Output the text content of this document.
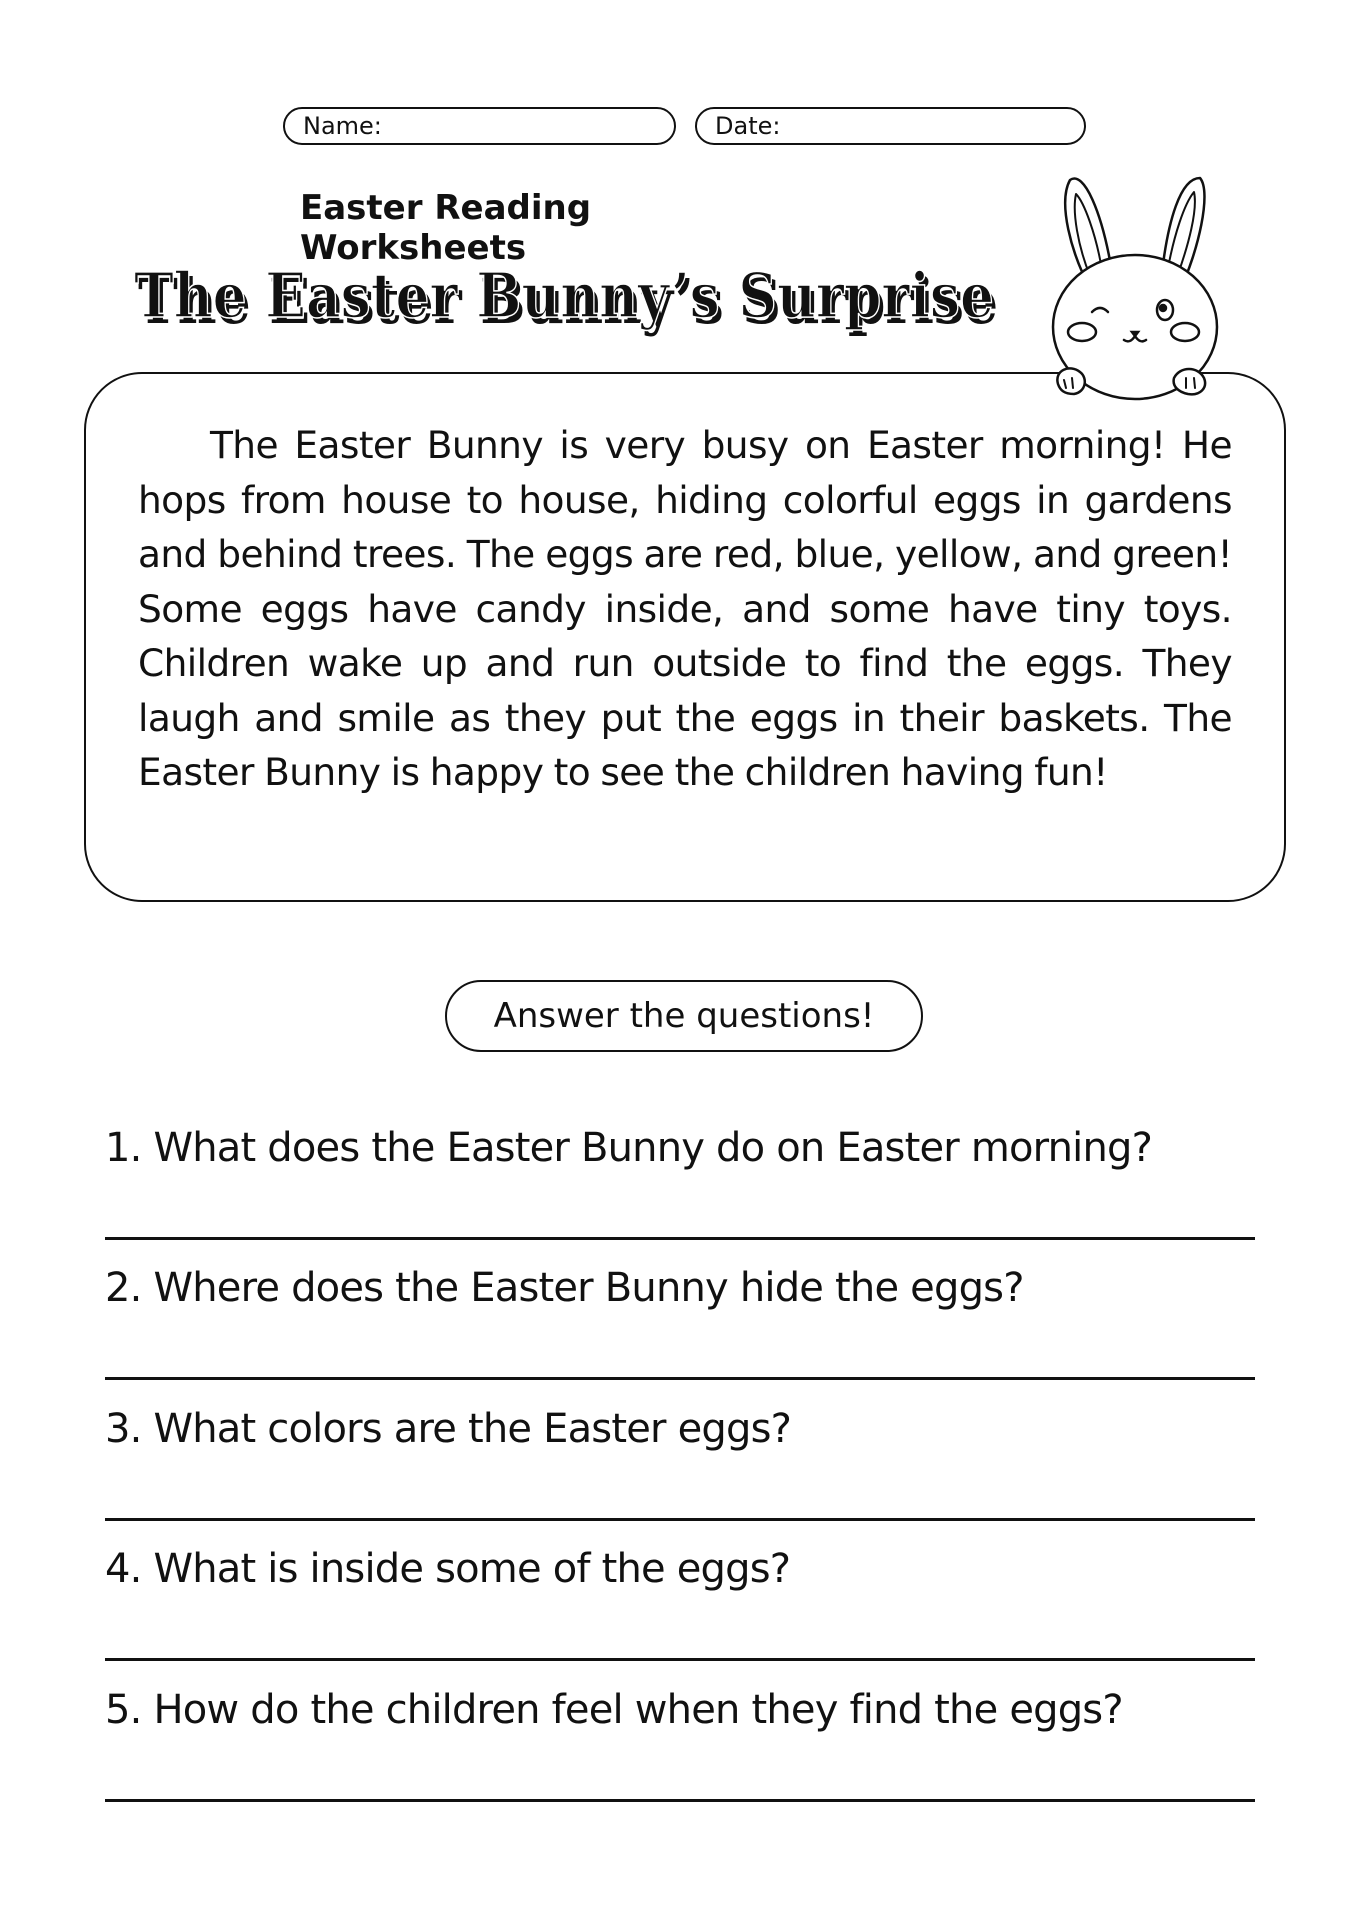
Name:	Date:
Easter Reading Worksheets
The Easter Bunny’s Surprise
The Easter Bunny’s Surprise
The Easter Bunny is very busy on Easter morning! He hops from house to house, hiding colorful eggs in gardens and behind trees. The eggs are red, blue, yellow, and green! Some eggs have candy inside, and some have tiny toys. Children wake up and run outside to find the eggs. They laugh and smile as they put the eggs in their baskets. The Easter Bunny is happy to see the children having fun!
Answer the questions!
1. What does the Easter Bunny do on Easter morning?
2. Where does the Easter Bunny hide the eggs?
3. What colors are the Easter eggs?
4. What is inside some of the eggs?
5. How do the children feel when they find the eggs?
